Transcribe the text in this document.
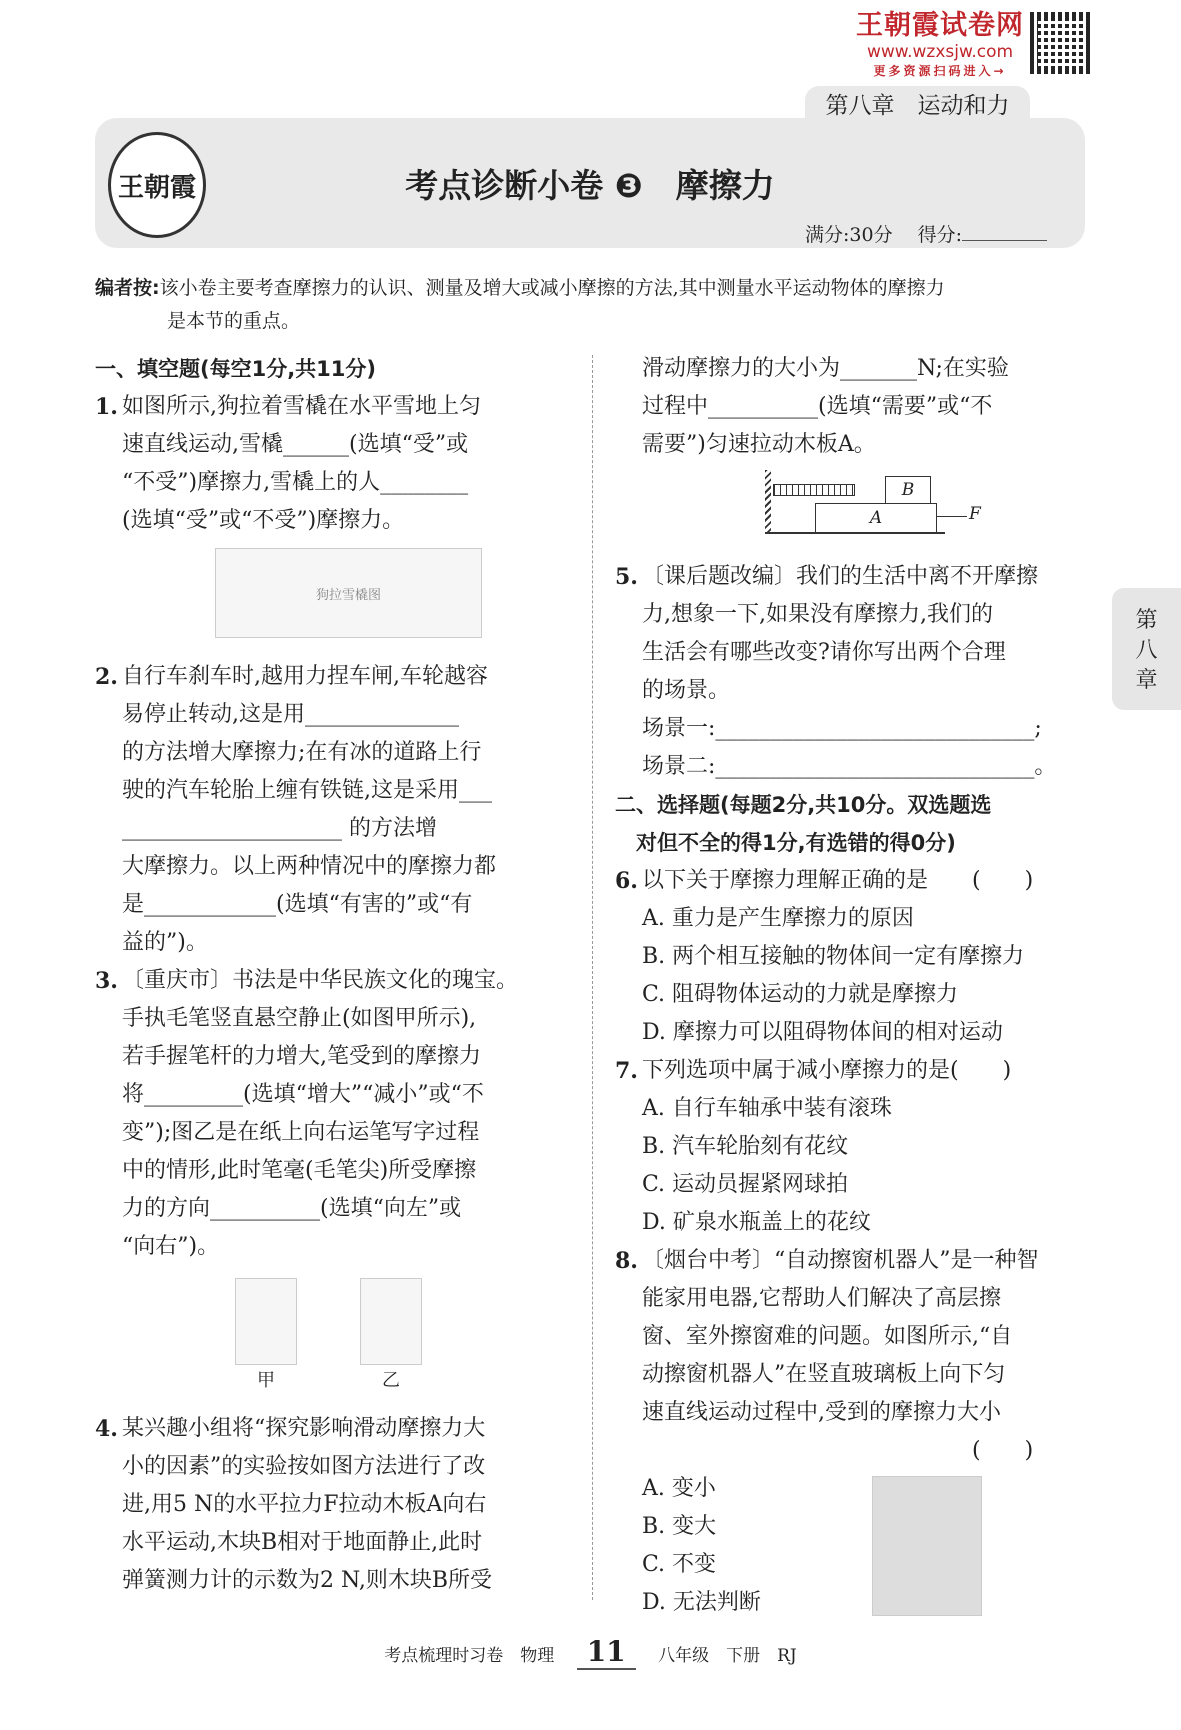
王朝霞试卷网
www.wzxsjw.com
更多资源扫码进入→
第八章　运动和力
王朝霞	考点诊断小卷 ❸　摩擦力
满分:30分　 得分:
编者按:该小卷主要考查摩擦力的认识、测量及增大或减小摩擦的方法,其中测量水平运动物体的摩擦力
是本节的重点。
一、填空题(每空1分,共11分)
1. 如图所示,狗拉着雪橇在水平雪地上匀
速直线运动,雪橇______(选填“受”或
“不受”)摩擦力,雪橇上的人________
(选填“受”或“不受”)摩擦力。
狗拉雪橇图
2. 自行车刹车时,越用力捏车闸,车轮越容
易停止转动,这是用______________
的方法增大摩擦力;在有冰的道路上行
驶的汽车轮胎上缠有铁链,这是采用___
____________________ 的方法增
大摩擦力。以上两种情况中的摩擦力都
是____________(选填“有害的”或“有
益的”)。
3. 〔重庆市〕书法是中华民族文化的瑰宝。
手执毛笔竖直悬空静止(如图甲所示),
若手握笔杆的力增大,笔受到的摩擦力
将_________(选填“增大”“减小”或“不
变”);图乙是在纸上向右运笔写字过程
中的情形,此时笔毫(毛笔尖)所受摩擦
力的方向__________(选填“向左”或
“向右”)。
甲	乙
4. 某兴趣小组将“探究影响滑动摩擦力大
小的因素”的实验按如图方法进行了改
进,用5 N的水平拉力F拉动木板A向右
水平运动,木块B相对于地面静止,此时
弹簧测力计的示数为2 N,则木块B所受
滑动摩擦力的大小为_______N;在实验
过程中__________(选填“需要”或“不
需要”)匀速拉动木板A。
B
A	F
5. 〔课后题改编〕我们的生活中离不开摩擦
力,想象一下,如果没有摩擦力,我们的
生活会有哪些改变?请你写出两个合理
的场景。
场景一:_____________________________;
场景二:_____________________________。
二、选择题(每题2分,共10分。双选题选
　对但不全的得1分,有选错的得0分)
6. 以下关于摩擦力理解正确的是　　(　　)
A. 重力是产生摩擦力的原因
B. 两个相互接触的物体间一定有摩擦力
C. 阻碍物体运动的力就是摩擦力
D. 摩擦力可以阻碍物体间的相对运动
7. 下列选项中属于减小摩擦力的是(　　)
A. 自行车轴承中装有滚珠
B. 汽车轮胎刻有花纹
C. 运动员握紧网球拍
D. 矿泉水瓶盖上的花纹
8. 〔烟台中考〕“自动擦窗机器人”是一种智
能家用电器,它帮助人们解决了高层擦
窗、室外擦窗难的问题。如图所示,“自
动擦窗机器人”在竖直玻璃板上向下匀
速直线运动过程中,受到的摩擦力大小
　　　　　　　　　　　　　　　(　　)
A. 变小
B. 变大
C. 不变
D. 无法判断
第
八
章
考点梳理时习卷　物理　 11　 八年级　下册　RJ
